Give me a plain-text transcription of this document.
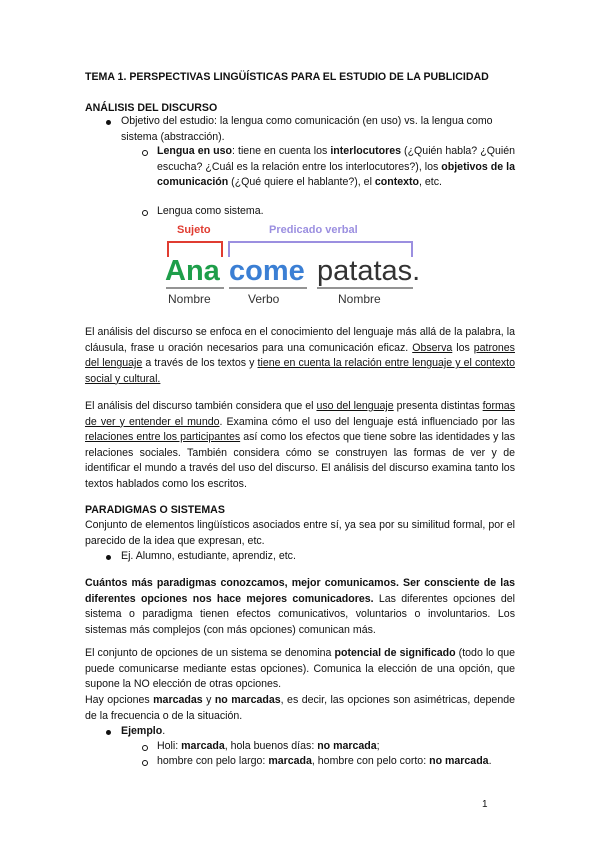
TEMA 1. PERSPECTIVAS LINGÜÍSTICAS PARA EL ESTUDIO DE LA PUBLICIDAD
ANÁLISIS DEL DISCURSO
Objetivo del estudio: la lengua como comunicación (en uso) vs. la lengua como sistema (abstracción).
Lengua en uso: tiene en cuenta los interlocutores (¿Quién habla? ¿Quién escucha? ¿Cuál es la relación entre los interlocutores?), los objetivos de la comunicación (¿Qué quiere el hablante?), el contexto, etc.
Lengua como sistema.
Sujeto	Predicado verbal
Ana come patatas.
Nombre	Verbo	Nombre
El análisis del discurso se enfoca en el conocimiento del lenguaje más allá de la palabra, la cláusula, frase u oración necesarios para una comunicación eficaz. Observa los patrones del lenguaje a través de los textos y tiene en cuenta la relación entre lenguaje y el contexto social y cultural.
El análisis del discurso también considera que el uso del lenguaje presenta distintas formas de ver y entender el mundo. Examina cómo el uso del lenguaje está influenciado por las relaciones entre los participantes así como los efectos que tiene sobre las identidades y las relaciones sociales. También considera cómo se construyen las formas de ver y de identificar el mundo a través del uso del discurso. El análisis del discurso examina tanto los textos hablados como los escritos.
PARADIGMAS O SISTEMAS
Conjunto de elementos lingüísticos asociados entre sí, ya sea por su similitud formal, por el parecido de la idea que expresan, etc.
Ej. Alumno, estudiante, aprendiz, etc.
Cuántos más paradigmas conozcamos, mejor comunicamos. Ser consciente de las diferentes opciones nos hace mejores comunicadores. Las diferentes opciones del sistema o paradigma tienen efectos comunicativos, voluntarios o involuntarios. Los sistemas más complejos (con más opciones) comunican más.
El conjunto de opciones de un sistema se denomina potencial de significado (todo lo que puede comunicarse mediante estas opciones). Comunica la elección de una opción, que supone la NO elección de otras opciones.
Hay opciones marcadas y no marcadas, es decir, las opciones son asimétricas, depende de la frecuencia o de la situación.
Ejemplo.
Holi: marcada, hola buenos días: no marcada;
hombre con pelo largo: marcada, hombre con pelo corto: no marcada.
1
